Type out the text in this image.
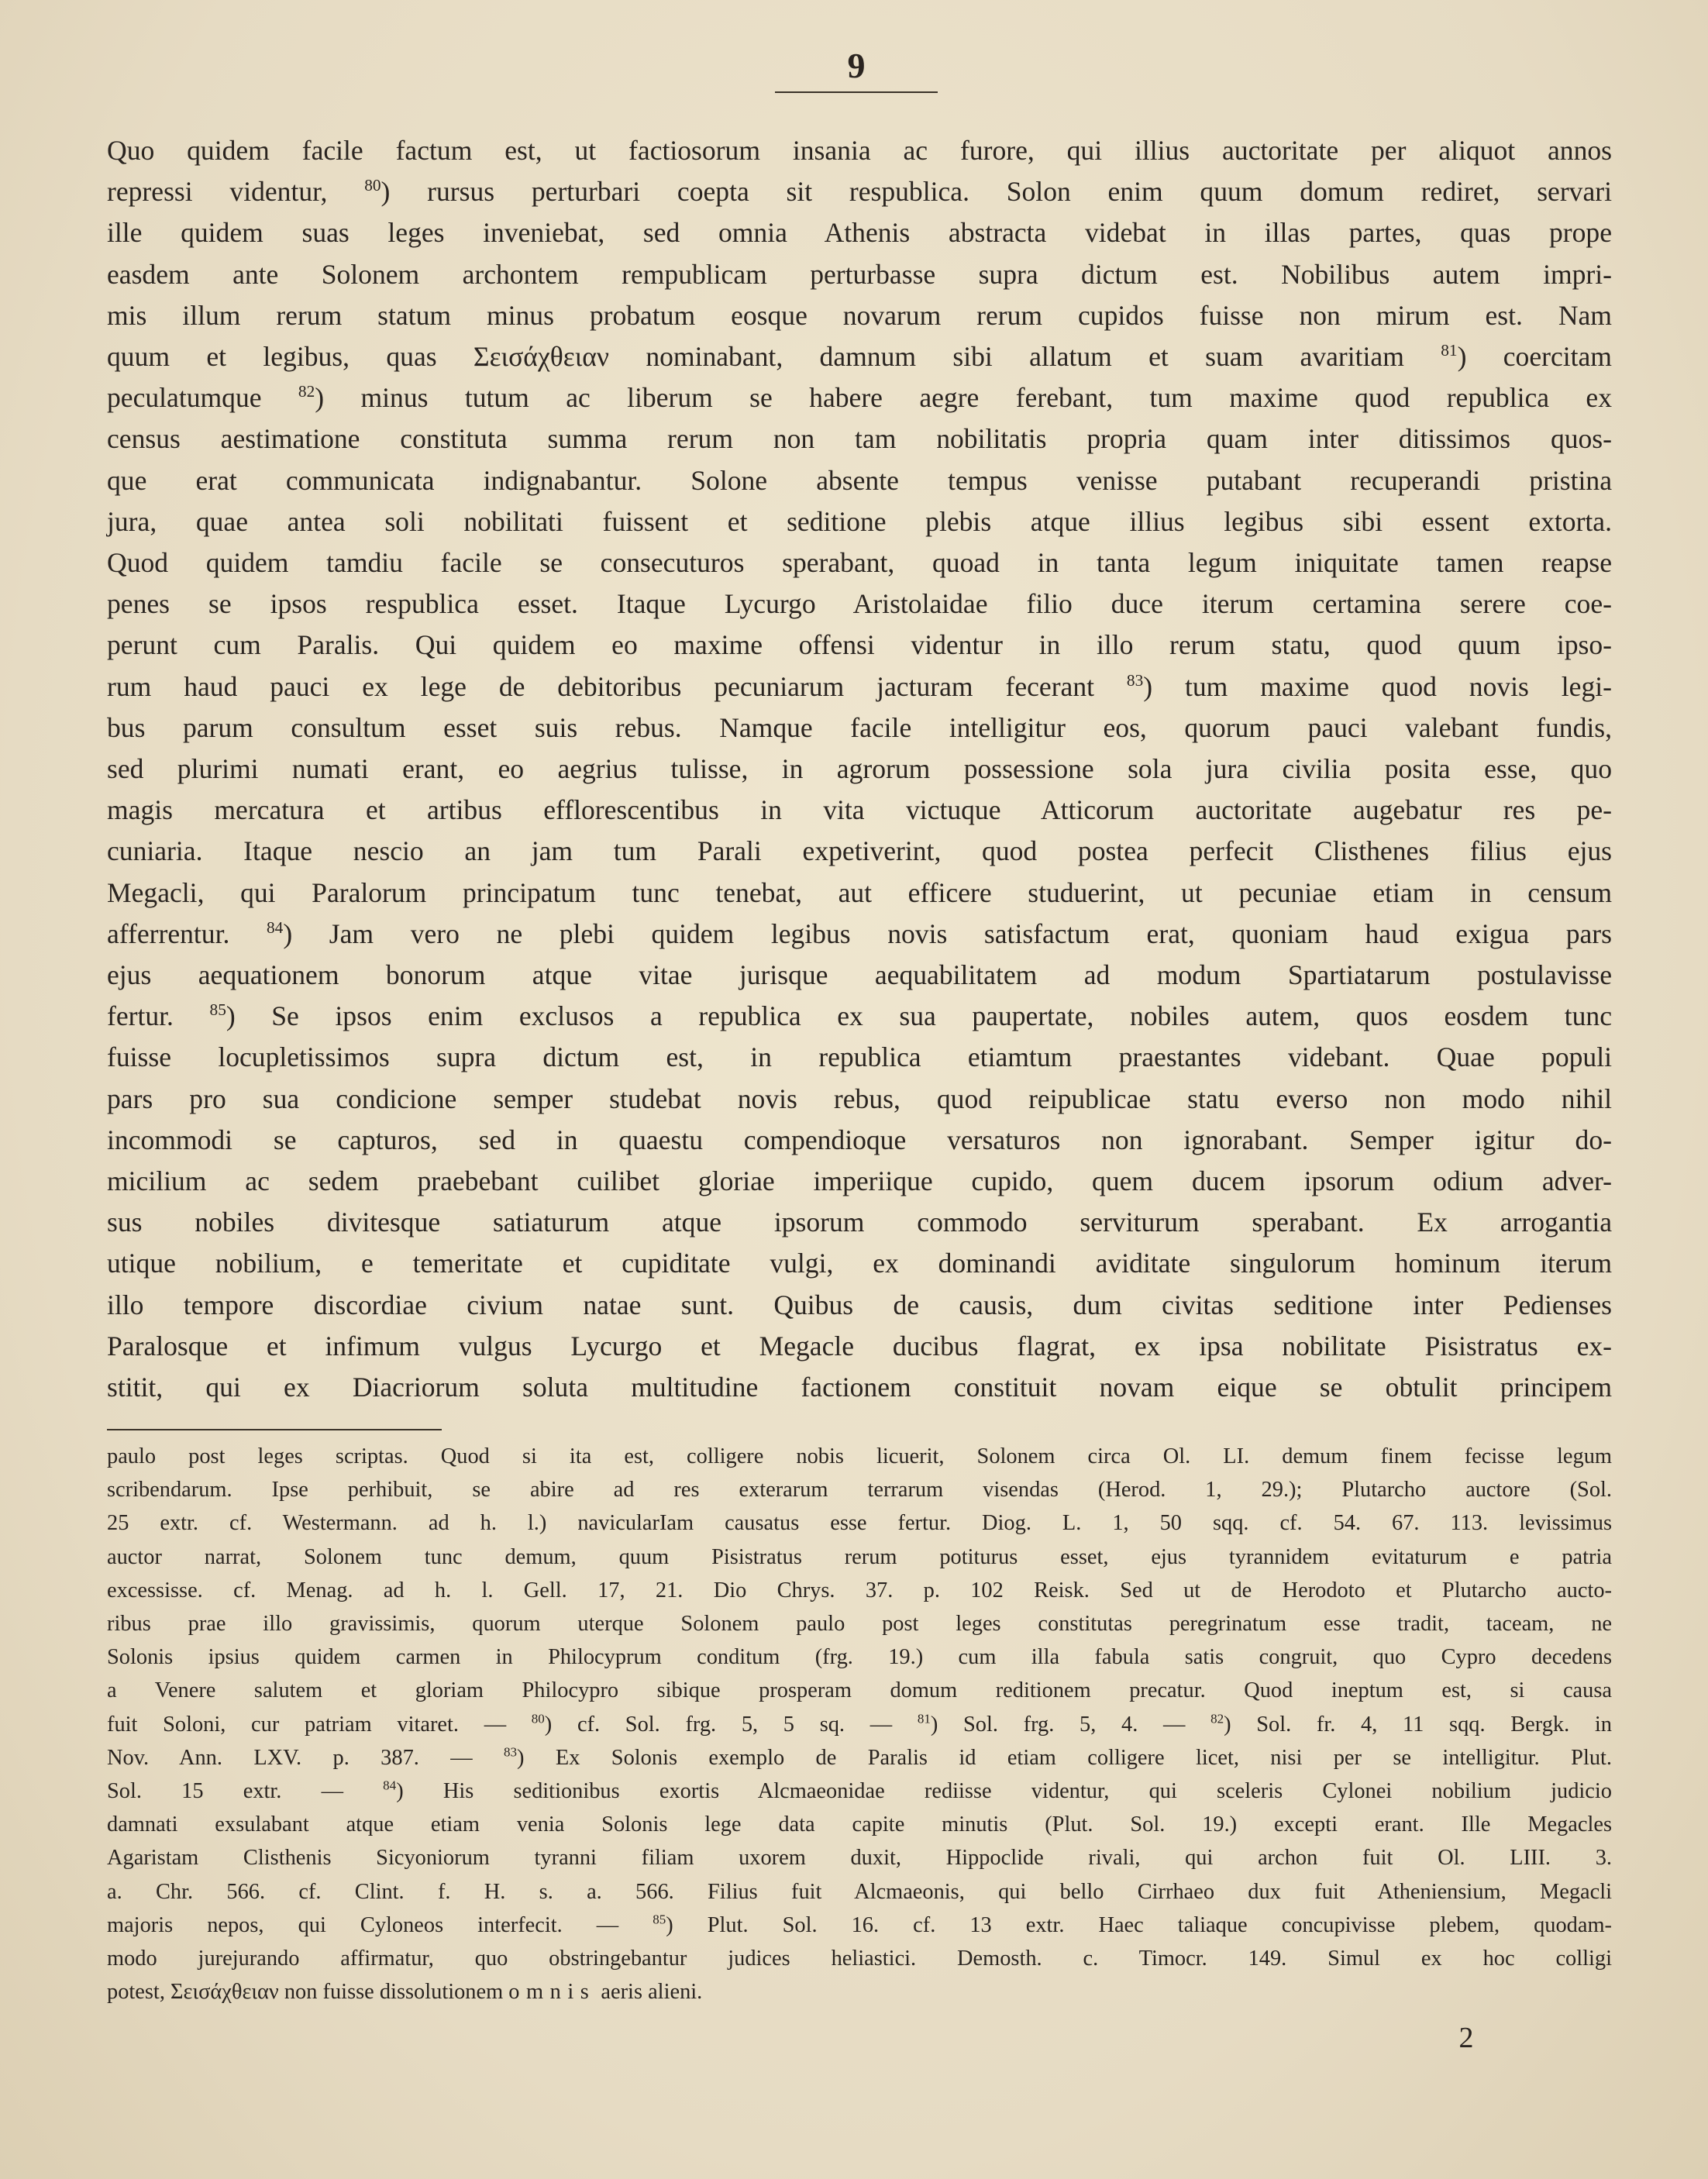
9
Quo quidem facile factum est, ut factiosorum insania ac furore, qui illius auctoritate per aliquot annos
repressi videntur, $^{80}$) rursus perturbari coepta sit respublica. Solon enim quum domum rediret, servari
ille quidem suas leges inveniebat, sed omnia Athenis abstracta videbat in illas partes, quas prope
easdem ante Solonem archontem rempublicam perturbasse supra dictum est. Nobilibus autem impri-
mis illum rerum statum minus probatum eosque novarum rerum cupidos fuisse non mirum est. Nam
quum et legibus, quas Σεισάχθειαν nominabant, damnum sibi allatum et suam avaritiam $^{81}$) coercitam
peculatumque $^{82}$) minus tutum ac liberum se habere aegre ferebant, tum maxime quod republica ex
census aestimatione constituta summa rerum non tam nobilitatis propria quam inter ditissimos quos-
que erat communicata indignabantur. Solone absente tempus venisse putabant recuperandi pristina
jura, quae antea soli nobilitati fuissent et seditione plebis atque illius legibus sibi essent extorta.
Quod quidem tamdiu facile se consecuturos sperabant, quoad in tanta legum iniquitate tamen reapse
penes se ipsos respublica esset. Itaque Lycurgo Aristolaidae filio duce iterum certamina serere coe-
perunt cum Paralis. Qui quidem eo maxime offensi videntur in illo rerum statu, quod quum ipso-
rum haud pauci ex lege de debitoribus pecuniarum jacturam fecerant $^{83}$) tum maxime quod novis legi-
bus parum consultum esset suis rebus. Namque facile intelligitur eos, quorum pauci valebant fundis,
sed plurimi numati erant, eo aegrius tulisse, in agrorum possessione sola jura civilia posita esse, quo
magis mercatura et artibus efflorescentibus in vita victuque Atticorum auctoritate augebatur res pe-
cuniaria. Itaque nescio an jam tum Parali expetiverint, quod postea perfecit Clisthenes filius ejus
Megacli, qui Paralorum principatum tunc tenebat, aut efficere studuerint, ut pecuniae etiam in censum
afferrentur. $^{84}$) Jam vero ne plebi quidem legibus novis satisfactum erat, quoniam haud exigua pars
ejus aequationem bonorum atque vitae jurisque aequabilitatem ad modum Spartiatarum postulavisse
fertur. $^{85}$) Se ipsos enim exclusos a republica ex sua paupertate, nobiles autem, quos eosdem tunc
fuisse locupletissimos supra dictum est, in republica etiamtum praestantes videbant. Quae populi
pars pro sua condicione semper studebat novis rebus, quod reipublicae statu everso non modo nihil
incommodi se capturos, sed in quaestu compendioque versaturos non ignorabant. Semper igitur do-
micilium ac sedem praebebant cuilibet gloriae imperiique cupido, quem ducem ipsorum odium adver-
sus nobiles divitesque satiaturum atque ipsorum commodo serviturum sperabant. Ex arrogantia
utique nobilium, e temeritate et cupiditate vulgi, ex dominandi aviditate singulorum hominum iterum
illo tempore discordiae civium natae sunt. Quibus de causis, dum civitas seditione inter Pedienses
Paralosque et infimum vulgus Lycurgo et Megacle ducibus flagrat, ex ipsa nobilitate Pisistratus ex-
stitit, qui ex Diacriorum soluta multitudine factionem constituit novam eique se obtulit principem
paulo post leges scriptas. Quod si ita est, colligere nobis licuerit, Solonem circa Ol. LI. demum finem fecisse legum
scribendarum. Ipse perhibuit, se abire ad res exterarum terrarum visendas (Herod. 1, 29.); Plutarcho auctore (Sol.
25 extr. cf. Westermann. ad h. l.) navicularIam causatus esse fertur. Diog. L. 1, 50 sqq. cf. 54. 67. 113. levissimus
auctor narrat, Solonem tunc demum, quum Pisistratus rerum potiturus esset, ejus tyrannidem evitaturum e patria
excessisse. cf. Menag. ad h. l. Gell. 17, 21. Dio Chrys. 37. p. 102 Reisk. Sed ut de Herodoto et Plutarcho aucto-
ribus prae illo gravissimis, quorum uterque Solonem paulo post leges constitutas peregrinatum esse tradit, taceam, ne
Solonis ipsius quidem carmen in Philocyprum conditum (frg. 19.) cum illa fabula satis congruit, quo Cypro decedens
a Venere salutem et gloriam Philocypro sibique prosperam domum reditionem precatur. Quod ineptum est, si causa
fuit Soloni, cur patriam vitaret. — $^{80}$) cf. Sol. frg. 5, 5 sq. — $^{81}$) Sol. frg. 5, 4. — $^{82}$) Sol. fr. 4, 11 sqq. Bergk. in
Nov. Ann. LXV. p. 387. — $^{83}$) Ex Solonis exemplo de Paralis id etiam colligere licet, nisi per se intelligitur. Plut.
Sol. 15 extr. — $^{84}$) His seditionibus exortis Alcmaeonidae rediisse videntur, qui sceleris Cylonei nobilium judicio
damnati exsulabant atque etiam venia Solonis lege data capite minutis (Plut. Sol. 19.) excepti erant. Ille Megacles
Agaristam Clisthenis Sicyoniorum tyranni filiam uxorem duxit, Hippoclide rivali, qui archon fuit Ol. LIII. 3.
a. Chr. 566. cf. Clint. f. H. s. a. 566. Filius fuit Alcmaeonis, qui bello Cirrhaeo dux fuit Atheniensium, Megacli
majoris nepos, qui Cyloneos interfecit. — $^{85}$) Plut. Sol. 16. cf. 13 extr. Haec taliaque concupivisse plebem, quodam-
modo jurejurando affirmatur, quo obstringebantur judices heliastici. Demosth. c. Timocr. 149. Simul ex hoc colligi
potest, Σεισάχθειαν non fuisse dissolutionem omnis aeris alieni.
2
